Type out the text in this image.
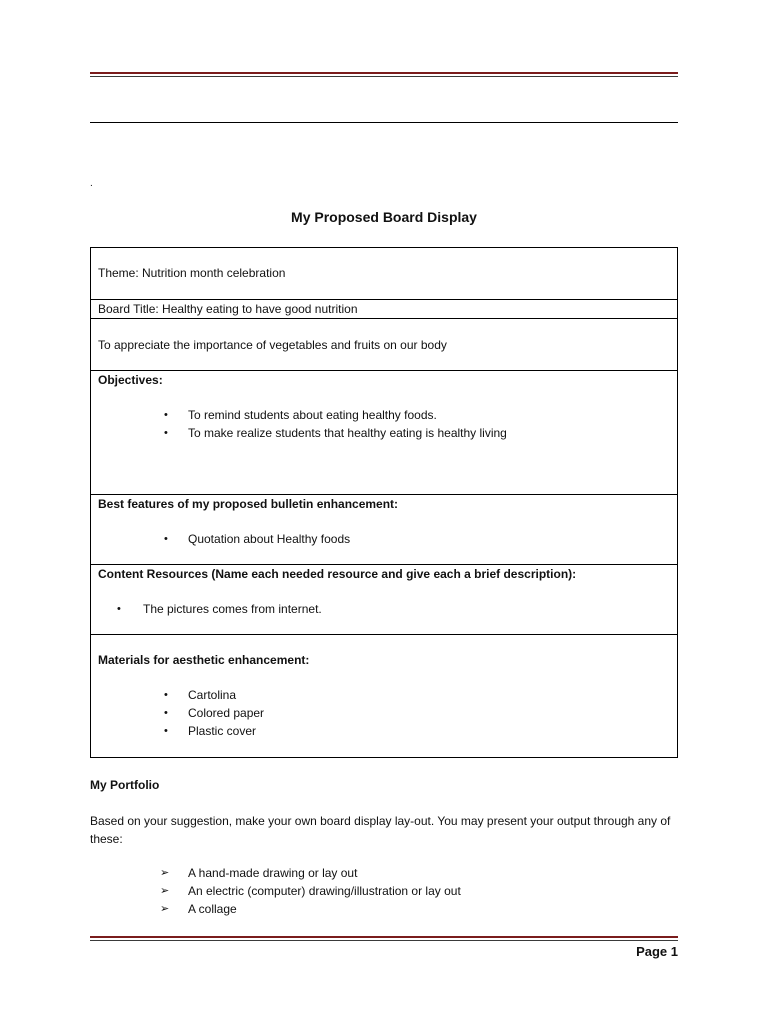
.
My Proposed Board Display
Theme: Nutrition month celebration

Board Title: Healthy eating to have good nutrition

To appreciate the importance of vegetables and fruits on our body

Objectives:
• To remind students about eating healthy foods.
• To make realize students that healthy eating is healthy living

Best features of my proposed bulletin enhancement:
• Quotation about Healthy foods

Content Resources (Name each needed resource and give each a brief description):
• The pictures comes from internet.

Materials for aesthetic enhancement:
• Cartolina
• Colored paper
• Plastic cover
My Portfolio
Based on your suggestion, make your own board display lay-out. You may present your output through any of these:
➢ A hand-made drawing or lay out
➢ An electric (computer) drawing/illustration or lay out
➢ A collage
Page 1
